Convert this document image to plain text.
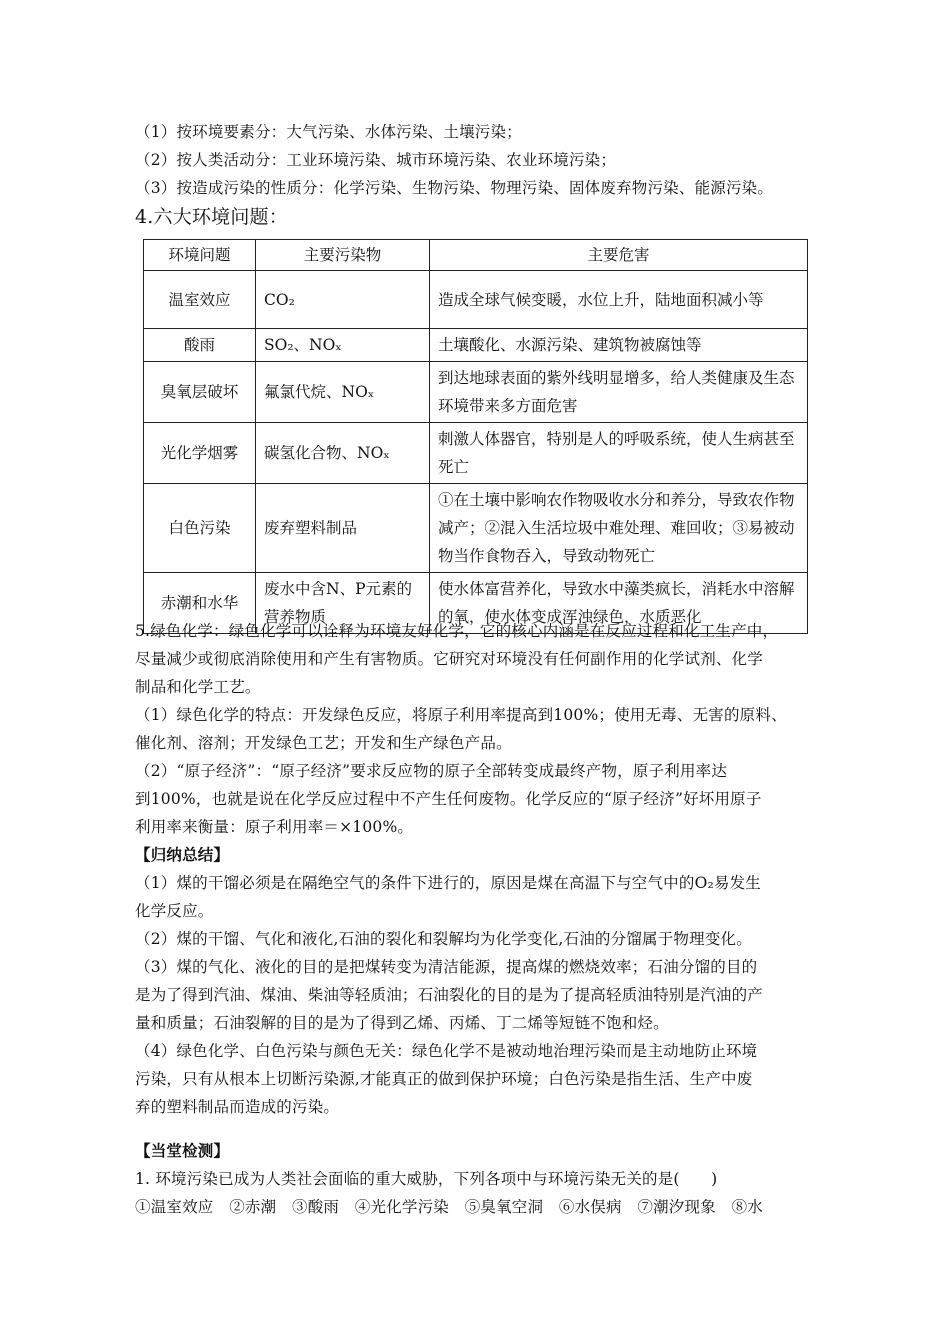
（1）按环境要素分：大气污染、水体污染、土壤污染；
（2）按人类活动分：工业环境污染、城市环境污染、农业环境污染；
（3）按造成污染的性质分：化学污染、生物污染、物理污染、固体废弃物污染、能源污染。
4.六大环境问题：
环境问题	主要污染物	主要危害
温室效应	CO₂	造成全球气候变暖，水位上升，陆地面积减小等
酸雨	SO₂、NOₓ	土壤酸化、水源污染、建筑物被腐蚀等
臭氧层破坏	氟氯代烷、NOₓ	到达地球表面的紫外线明显增多，给人类健康及生态环境带来多方面危害
光化学烟雾	碳氢化合物、NOₓ	刺激人体器官，特别是人的呼吸系统，使人生病甚至死亡
白色污染	废弃塑料制品	①在土壤中影响农作物吸收水分和养分，导致农作物减产；②混入生活垃圾中难处理、难回收；③易被动物当作食物吞入，导致动物死亡
赤潮和水华	废水中含N、P元素的营养物质	使水体富营养化，导致水中藻类疯长，消耗水中溶解的氧，使水体变成浑浊绿色，水质恶化
5.绿色化学：绿色化学可以诠释为环境友好化学，它的核心内涵是在反应过程和化工生产中，
尽量减少或彻底消除使用和产生有害物质。它研究对环境没有任何副作用的化学试剂、化学
制品和化学工艺。
（1）绿色化学的特点：开发绿色反应，将原子利用率提高到100%；使用无毒、无害的原料、
催化剂、溶剂；开发绿色工艺；开发和生产绿色产品。
（2）“原子经济”：“原子经济”要求反应物的原子全部转变成最终产物，原子利用率达
到100%，也就是说在化学反应过程中不产生任何废物。化学反应的“原子经济”好坏用原子
利用率来衡量：原子利用率＝×100%。
【归纳总结】
（1）煤的干馏必须是在隔绝空气的条件下进行的，原因是煤在高温下与空气中的O₂易发生
化学反应。
（2）煤的干馏、气化和液化,石油的裂化和裂解均为化学变化,石油的分馏属于物理变化。
（3）煤的气化、液化的目的是把煤转变为清洁能源，提高煤的燃烧效率；石油分馏的目的
是为了得到汽油、煤油、柴油等轻质油；石油裂化的目的是为了提高轻质油特别是汽油的产
量和质量；石油裂解的目的是为了得到乙烯、丙烯、丁二烯等短链不饱和烃。
（4）绿色化学、白色污染与颜色无关：绿色化学不是被动地治理污染而是主动地防止环境
污染，只有从根本上切断污染源,才能真正的做到保护环境；白色污染是指生活、生产中废
弃的塑料制品而造成的污染。
【当堂检测】
1. 环境污染已成为人类社会面临的重大威胁，下列各项中与环境污染无关的是(　　)
①温室效应　②赤潮　③酸雨　④光化学污染　⑤臭氧空洞　⑥水俣病　⑦潮汐现象　⑧水
